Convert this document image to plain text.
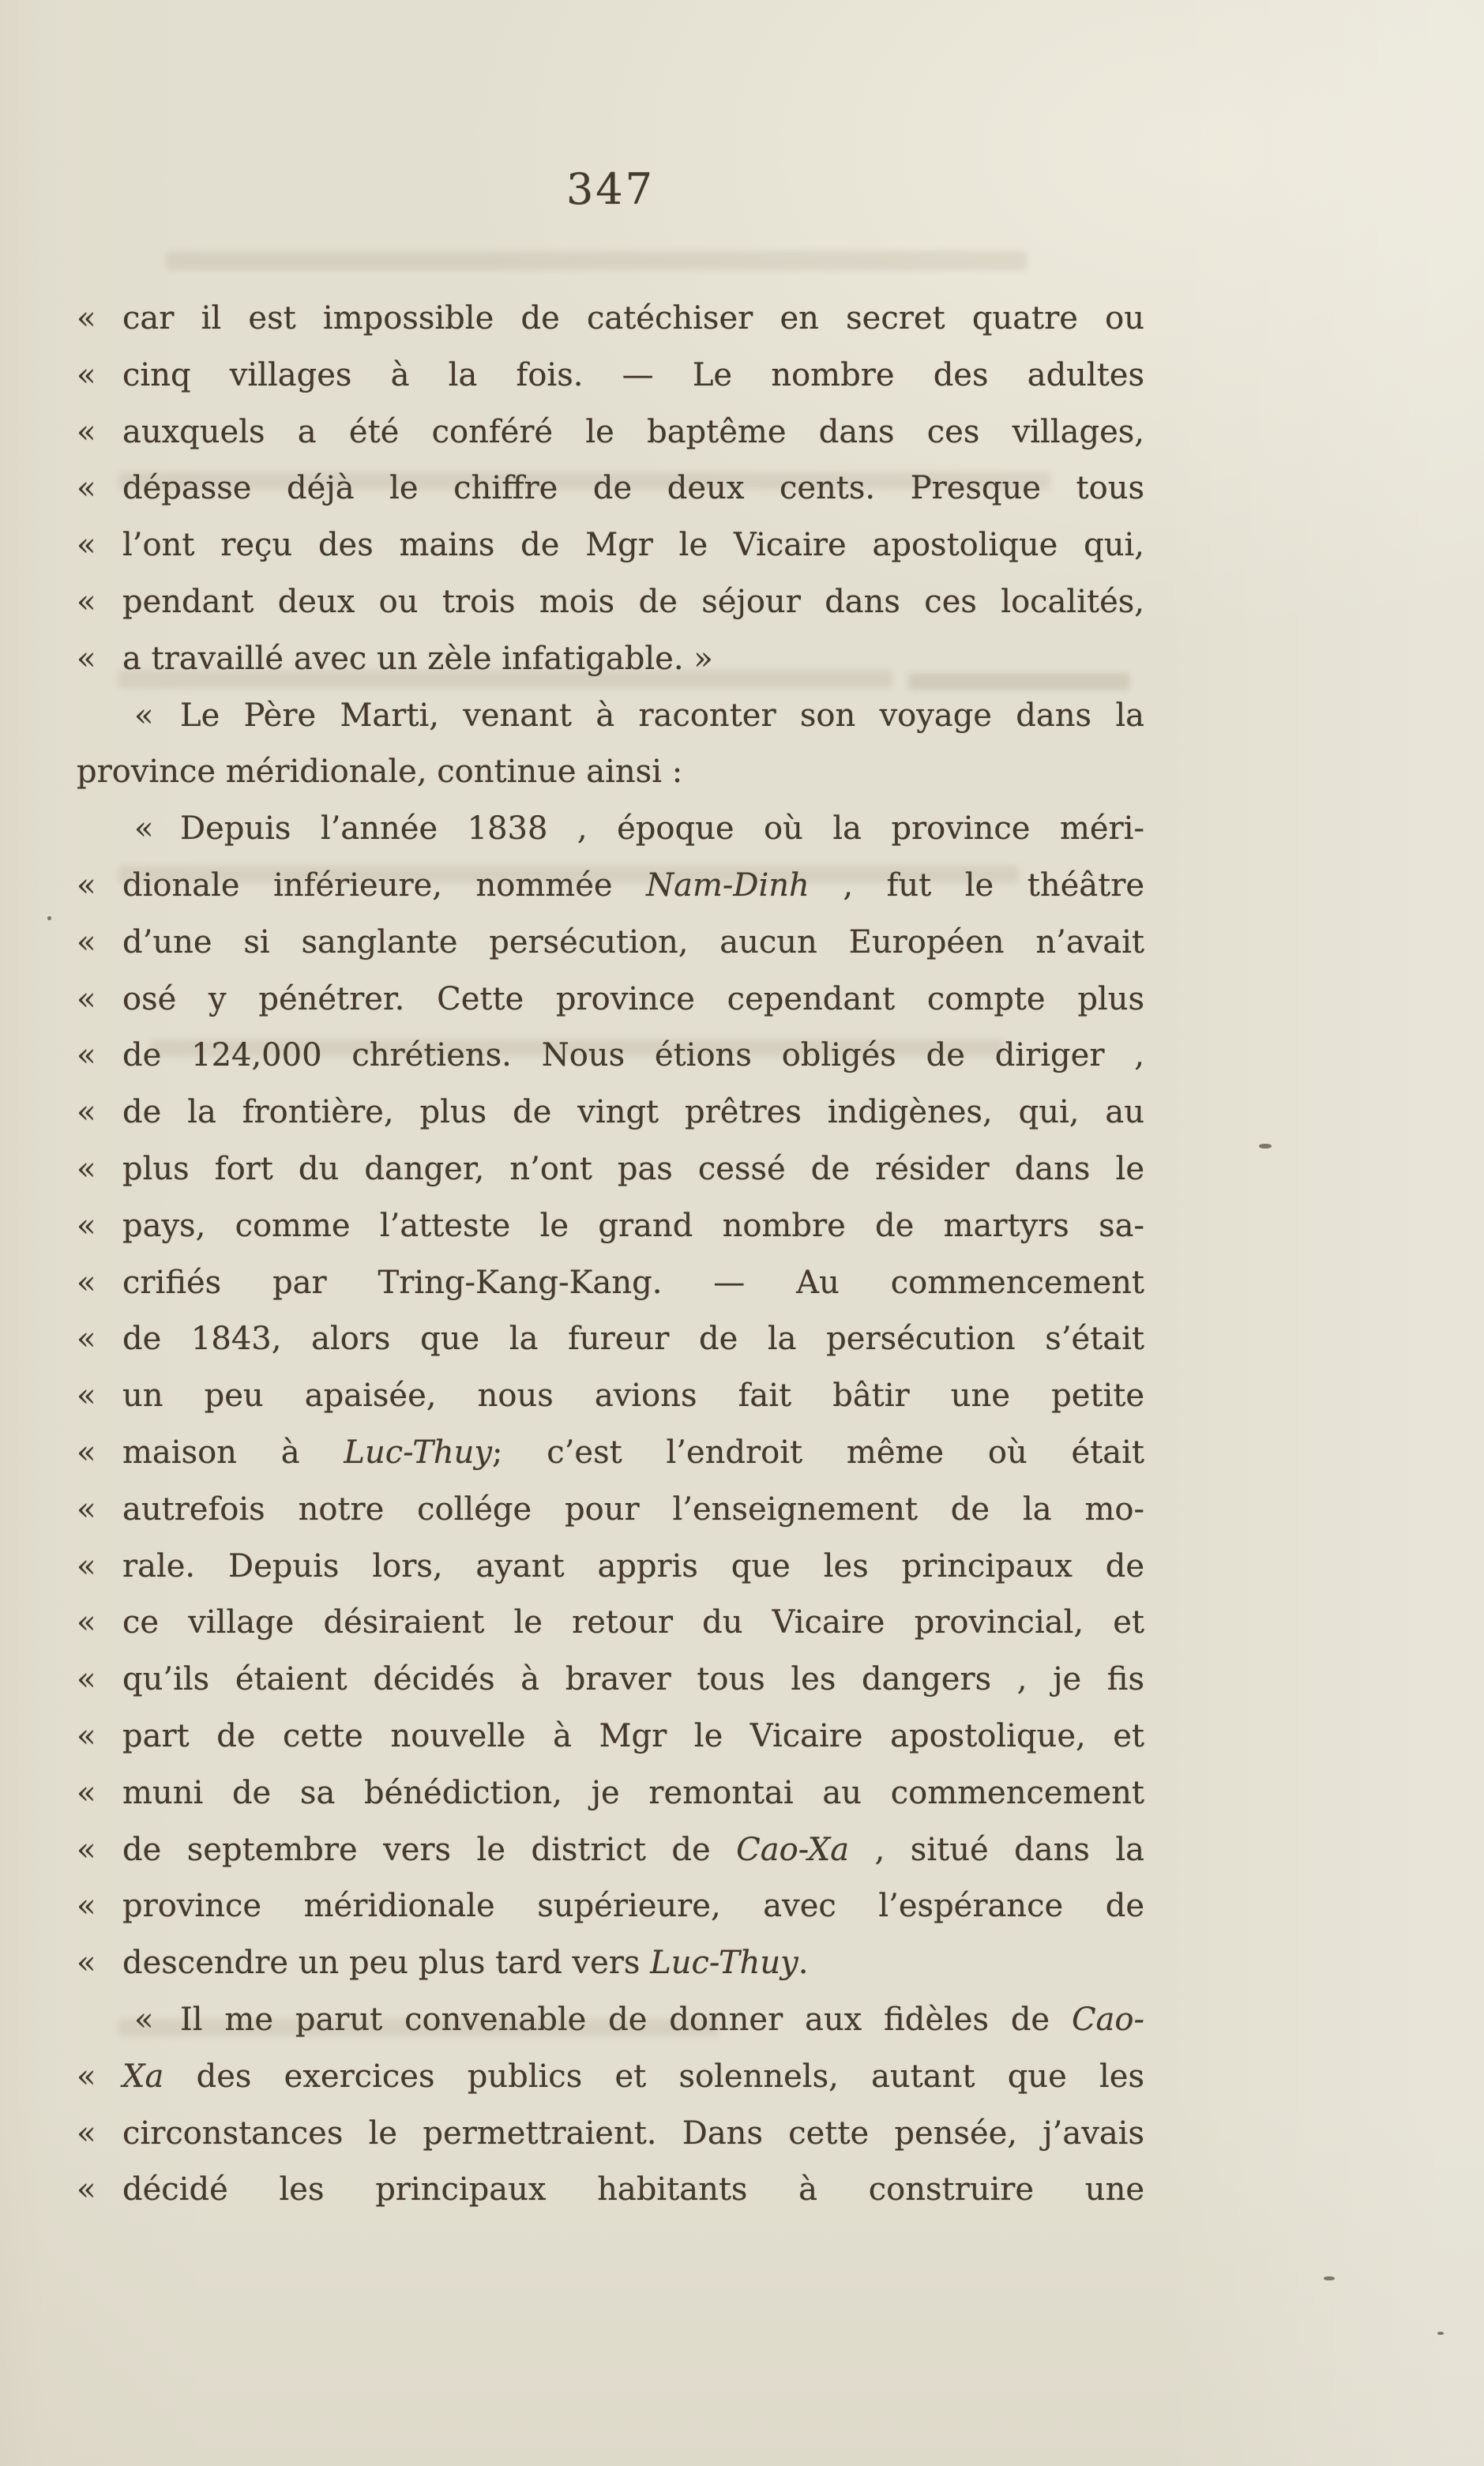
347
« car il est impossible de catéchiser en secret quatre ou
« cinq villages à la fois. — Le nombre des adultes
« auxquels a été conféré le baptême dans ces villages,
« dépasse déjà le chiffre de deux cents. Presque tous
« l’ont reçu des mains de Mgr le Vicaire apostolique qui,
« pendant deux ou trois mois de séjour dans ces localités,
« a travaillé avec un zèle infatigable. »
« Le Père Marti, venant à raconter son voyage dans la
province méridionale, continue ainsi :
« Depuis l’année 1838 , époque où la province méri-
« dionale inférieure, nommée Nam-Dinh , fut le théâtre
« d’une si sanglante persécution, aucun Européen n’avait
« osé y pénétrer. Cette province cependant compte plus
« de 124,000 chrétiens. Nous étions obligés de diriger ,
« de la frontière, plus de vingt prêtres indigènes, qui, au
« plus fort du danger, n’ont pas cessé de résider dans le
« pays, comme l’atteste le grand nombre de martyrs sa-
« crifiés par Tring-Kang-Kang. — Au commencement
« de 1843, alors que la fureur de la persécution s’était
« un peu apaisée, nous avions fait bâtir une petite
« maison à Luc-Thuy; c’est l’endroit même où était
« autrefois notre collége pour l’enseignement de la mo-
« rale. Depuis lors, ayant appris que les principaux de
« ce village désiraient le retour du Vicaire provincial, et
« qu’ils étaient décidés à braver tous les dangers , je fis
« part de cette nouvelle à Mgr le Vicaire apostolique, et
« muni de sa bénédiction, je remontai au commencement
« de septembre vers le district de Cao-Xa , situé dans la
« province méridionale supérieure, avec l’espérance de
« descendre un peu plus tard vers Luc-Thuy.
« Il me parut convenable de donner aux fidèles de Cao-
« Xa des exercices publics et solennels, autant que les
« circonstances le permettraient. Dans cette pensée, j’avais
« décidé les principaux habitants à construire une
